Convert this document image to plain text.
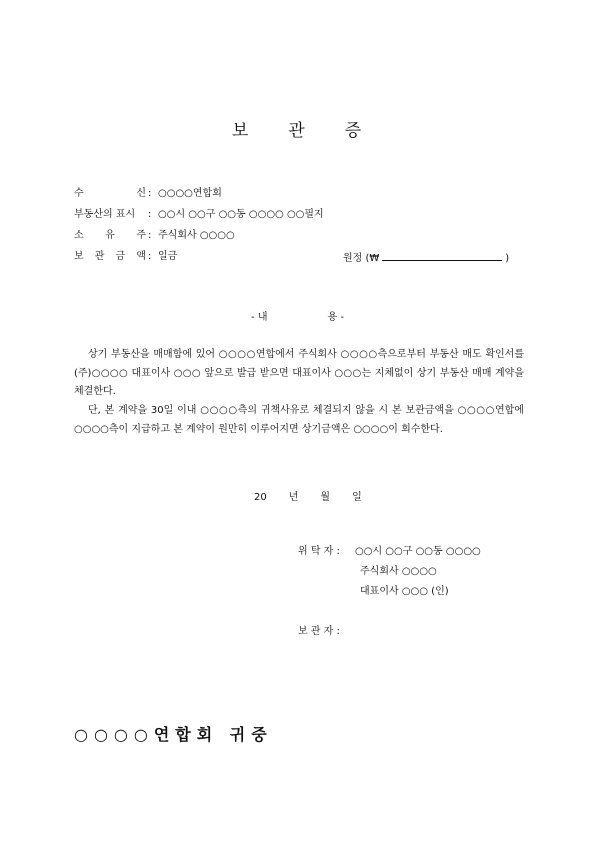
보 관 증
수	신 : ○○○○연합회
부동산의 표시 : ○○시 ○○구 ○○동 ○○○○ ○○필지
소 유 주 : 주식회사 ○○○○
보 관 금 액 : 일금	원정 (₩	)
- 내	용 -
상기 부동산을 매매함에 있어 ○○○○연합에서 주식회사 ○○○○측으로부터 부동산 매도 확인서를 (주)○○○○ 대표이사 ○○○ 앞으로 발급 받으면 대표이사 ○○○는 지체없이 상기 부동산 매매 계약을 체결한다.
단, 본 계약을 30일 이내 ○○○○측의 귀책사유로 체결되지 않을 시 본 보관금액을 ○○○○연합에 ○○○○측이 지급하고 본 계약이 원만히 이루어지면 상기금액은 ○○○○이 회수한다.
20 년 월 일
위 탁 자 : ○○시 ○○구 ○○동 ○○○○
주식회사 ○○○○
대표이사 ○○○ (인)
보 관 자 :
○○○○연합회 귀중
